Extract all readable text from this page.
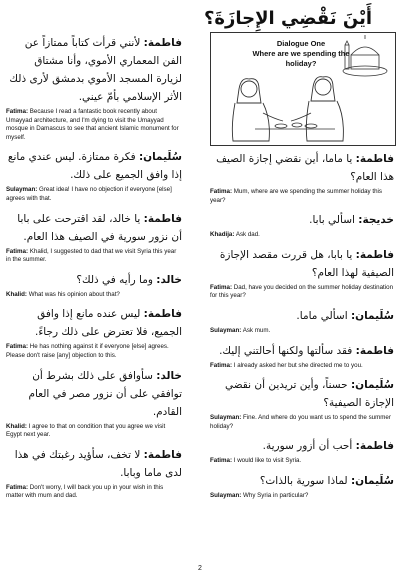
أَيْنَ نَقْضِي الإِجازَةَ؟
Dialogue One
Where are we spending the holiday?
فاطمة: لأنني قرأت كتاباً ممتازاً عن الفن المعماري الأموي، وأنا مشتاق لزيارة المسجد الأموي بدمشق لأرى ذلك الأثر الإسلامي بأمّ عيني.
Fatima: Because I read a fantastic book recently about Umayyad architecture, and I'm dying to visit the Umayyad mosque in Damascus to see that ancient Islamic monument for myself.
سُلَيمان: فكرة ممتازة. ليس عندي مانع إذا وافق الجميع على ذلك.
Sulayman: Great idea! I have no objection if everyone [else] agrees with that.
فاطمة: يا خالد، لقد اقترحت على بابا أن نزور سورية في الصيف هذا العام.
Fatima: Khalid, I suggested to dad that we visit Syria this year in the summer.
خالد: وما رأيه في ذلك؟
Khalid: What was his opinion about that?
فاطمة: ليس عنده مانع إذا وافق الجميع، فلا تعترض على ذلك رجاءً.
Fatima: He has nothing against it if everyone [else] agrees. Please don't raise [any] objection to this.
خالد: سأوافق على ذلك بشرط أن توافقي على أن نزور مصر في العام القادم.
Khalid: I agree to that on condition that you agree we visit Egypt next year.
فاطمة: لا تخف، سأؤيد رغبتك في هذا لدى ماما وبابا.
Fatima: Don't worry, I will back you up in your wish in this matter with mum and dad.
فاطمة: يا ماما، أين نقضي إجازة الصيف هذا العام؟
Fatima: Mum, where are we spending the summer holiday this year?
خديجة: اسألي بابا.
Khadija: Ask dad.
فاطمة: يا بابا، هل قررت مقصد الإجازة الصيفية لهذا العام؟
Fatima: Dad, have you decided on the summer holiday destination for this year?
سُلَيمان: اسألي ماما.
Sulayman: Ask mum.
فاطمة: فقد سألتها ولكنها أحالتني إليك.
Fatima: I already asked her but she directed me to you.
سُلَيمان: حسناً، وأين تريدين أن نقضي الإجازة الصيفية؟
Sulayman: Fine. And where do you want us to spend the summer holiday?
فاطمة: أحب أن أزور سورية.
Fatima: I would like to visit Syria.
سُلَيمان: لماذا سورية بالذات؟
Sulayman: Why Syria in particular?
2
